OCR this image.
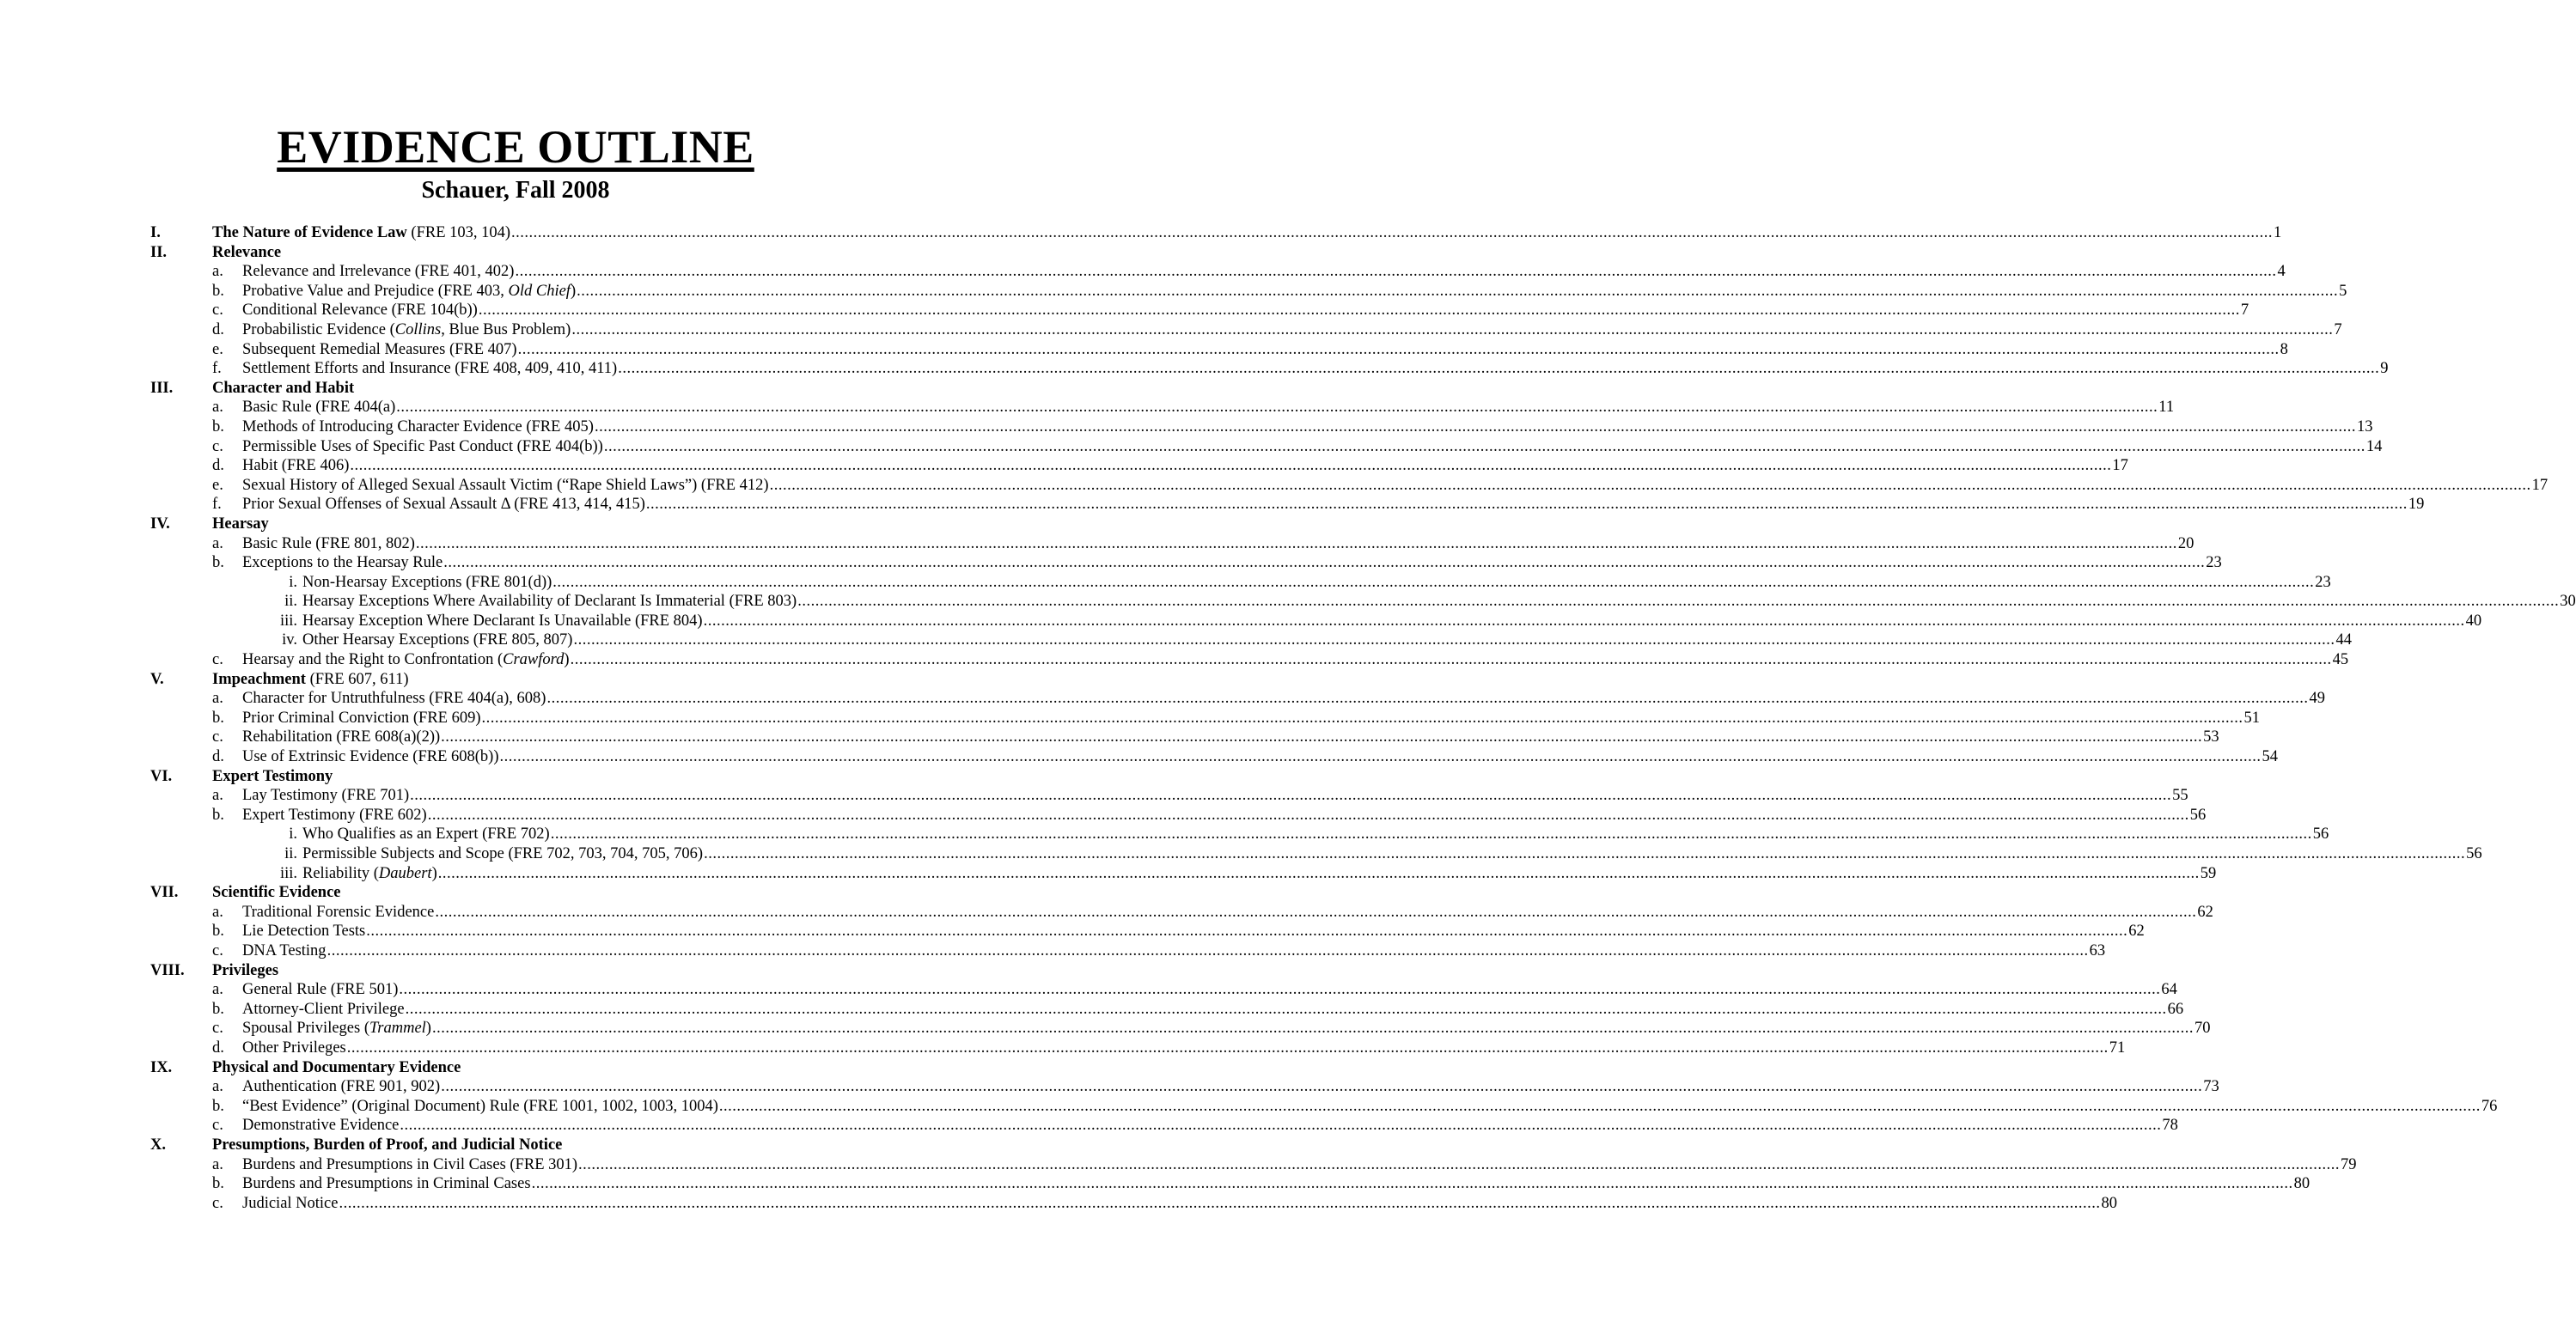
EVIDENCE OUTLINE
Schauer, Fall 2008
I.	The Nature of Evidence Law (FRE 103, 104) ................................................................................................................................................................................................................................................................................................................................................................................................................ 1
II.	Relevance
a. Relevance and Irrelevance (FRE 401, 402) ................................................................................................................................................................................................................................................................................................................................................................................................................ 4
b. Probative Value and Prejudice (FRE 403, Old Chief) ................................................................................................................................................................................................................................................................................................................................................................................................................ 5
c. Conditional Relevance (FRE 104(b)) ................................................................................................................................................................................................................................................................................................................................................................................................................ 7
d. Probabilistic Evidence (Collins, Blue Bus Problem) ................................................................................................................................................................................................................................................................................................................................................................................................................ 7
e. Subsequent Remedial Measures (FRE 407) ................................................................................................................................................................................................................................................................................................................................................................................................................ 8
f. Settlement Efforts and Insurance (FRE 408, 409, 410, 411) ................................................................................................................................................................................................................................................................................................................................................................................................................ 9
III. Character and Habit
a. Basic Rule (FRE 404(a) ................................................................................................................................................................................................................................................................................................................................................................................................................ 11
b. Methods of Introducing Character Evidence (FRE 405) ................................................................................................................................................................................................................................................................................................................................................................................................................ 13
c. Permissible Uses of Specific Past Conduct (FRE 404(b)) ................................................................................................................................................................................................................................................................................................................................................................................................................ 14
d. Habit (FRE 406) ................................................................................................................................................................................................................................................................................................................................................................................................................ 17
e. Sexual History of Alleged Sexual Assault Victim (“Rape Shield Laws”) (FRE 412) ................................................................................................................................................................................................................................................................................................................................................................................................................ 17
f. Prior Sexual Offenses of Sexual Assault Δ (FRE 413, 414, 415) ................................................................................................................................................................................................................................................................................................................................................................................................................ 19
IV.	Hearsay
a. Basic Rule (FRE 801, 802) ................................................................................................................................................................................................................................................................................................................................................................................................................ 20
b. Exceptions to the Hearsay Rule ................................................................................................................................................................................................................................................................................................................................................................................................................ 23
i. Non-Hearsay Exceptions (FRE 801(d)) ................................................................................................................................................................................................................................................................................................................................................................................................................ 23
ii. Hearsay Exceptions Where Availability of Declarant Is Immaterial (FRE 803) ................................................................................................................................................................................................................................................................................................................................................................................................................ 30
iii. Hearsay Exception Where Declarant Is Unavailable (FRE 804) ................................................................................................................................................................................................................................................................................................................................................................................................................ 40
iv. Other Hearsay Exceptions (FRE 805, 807) ................................................................................................................................................................................................................................................................................................................................................................................................................ 44
c. Hearsay and the Right to Confrontation (Crawford) ................................................................................................................................................................................................................................................................................................................................................................................................................ 45
V.	Impeachment (FRE 607, 611)
a. Character for Untruthfulness (FRE 404(a), 608) ................................................................................................................................................................................................................................................................................................................................................................................................................ 49
b. Prior Criminal Conviction (FRE 609) ................................................................................................................................................................................................................................................................................................................................................................................................................ 51
c. Rehabilitation (FRE 608(a)(2)) ................................................................................................................................................................................................................................................................................................................................................................................................................ 53
d. Use of Extrinsic Evidence (FRE 608(b)) ................................................................................................................................................................................................................................................................................................................................................................................................................ 54
VI.	Expert Testimony
a. Lay Testimony (FRE 701) ................................................................................................................................................................................................................................................................................................................................................................................................................ 55
b. Expert Testimony (FRE 602) ................................................................................................................................................................................................................................................................................................................................................................................................................ 56
i. Who Qualifies as an Expert (FRE 702) ................................................................................................................................................................................................................................................................................................................................................................................................................ 56
ii. Permissible Subjects and Scope (FRE 702, 703, 704, 705, 706) ................................................................................................................................................................................................................................................................................................................................................................................................................ 56
iii. Reliability (Daubert) ................................................................................................................................................................................................................................................................................................................................................................................................................ 59
VII. Scientific Evidence
a. Traditional Forensic Evidence ................................................................................................................................................................................................................................................................................................................................................................................................................ 62
b. Lie Detection Tests ................................................................................................................................................................................................................................................................................................................................................................................................................ 62
c. DNA Testing ................................................................................................................................................................................................................................................................................................................................................................................................................ 63
VIII. Privileges
a. General Rule (FRE 501) ................................................................................................................................................................................................................................................................................................................................................................................................................ 64
b. Attorney-Client Privilege ................................................................................................................................................................................................................................................................................................................................................................................................................ 66
c. Spousal Privileges (Trammel) ................................................................................................................................................................................................................................................................................................................................................................................................................ 70
d. Other Privileges ................................................................................................................................................................................................................................................................................................................................................................................................................ 71
IX.	Physical and Documentary Evidence
a. Authentication (FRE 901, 902) ................................................................................................................................................................................................................................................................................................................................................................................................................ 73
b. “Best Evidence” (Original Document) Rule (FRE 1001, 1002, 1003, 1004) ................................................................................................................................................................................................................................................................................................................................................................................................................ 76
c. Demonstrative Evidence ................................................................................................................................................................................................................................................................................................................................................................................................................ 78
X.	Presumptions, Burden of Proof, and Judicial Notice
a. Burdens and Presumptions in Civil Cases (FRE 301) ................................................................................................................................................................................................................................................................................................................................................................................................................ 79
b. Burdens and Presumptions in Criminal Cases ................................................................................................................................................................................................................................................................................................................................................................................................................ 80
c. Judicial Notice ................................................................................................................................................................................................................................................................................................................................................................................................................ 80
